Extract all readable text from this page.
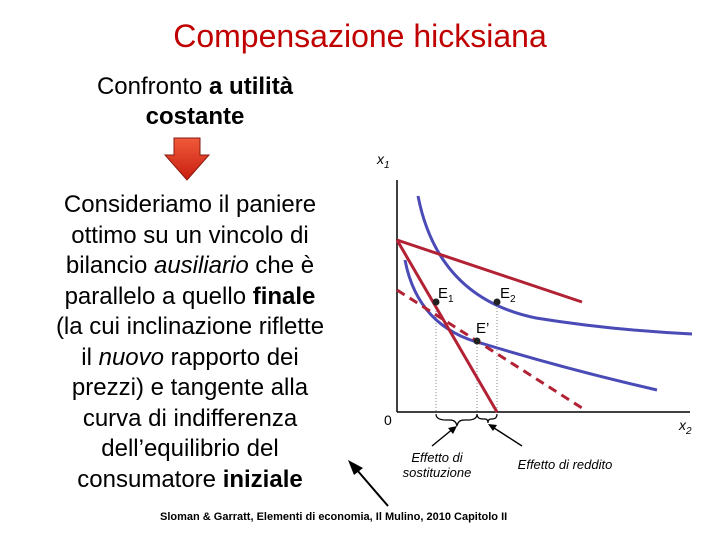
Compensazione hicksiana
Confronto a utilità
costante
Consideriamo il paniere
ottimo su un vincolo di
bilancio ausiliario che è
parallelo a quello finale
(la cui inclinazione riflette
il nuovo rapporto dei
prezzi) e tangente alla
curva di indifferenza
dell’equilibrio del
consumatore iniziale
$x_1$
$x_2$
0
$E_1$	$E_2$
E’
Effetto di
sostituzione
Effetto di reddito
Sloman & Garratt, Elementi di economia, Il Mulino, 2010 Capitolo II
